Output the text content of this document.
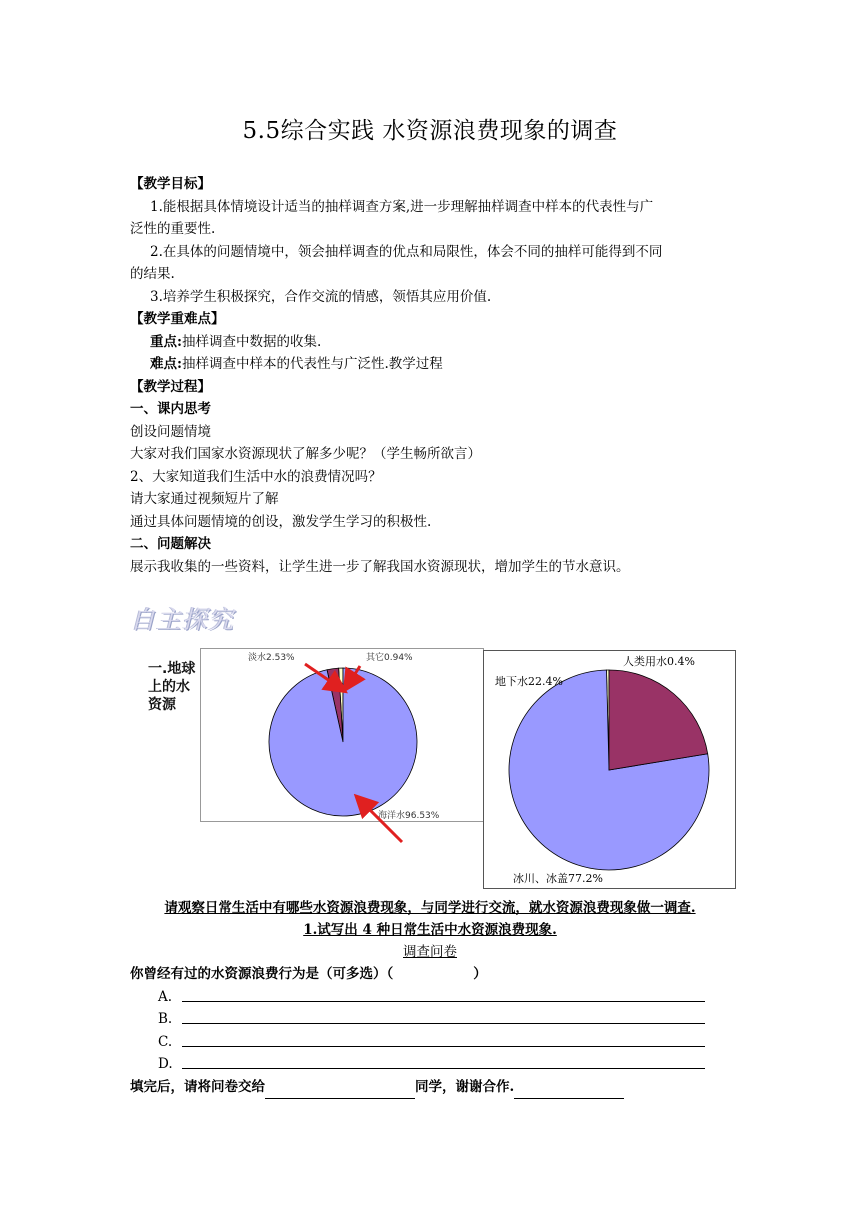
5.5综合实践 水资源浪费现象的调查
【教学目标】
1.能根据具体情境设计适当的抽样调查方案,进一步理解抽样调查中样本的代表性与广
泛性的重要性.
2.在具体的问题情境中，领会抽样调查的优点和局限性，体会不同的抽样可能得到不同
的结果.
3.培养学生积极探究，合作交流的情感，领悟其应用价值.
【教学重难点】
重点:抽样调查中数据的收集.
难点:抽样调查中样本的代表性与广泛性.教学过程
【教学过程】
一、课内思考
创设问题情境
大家对我们国家水资源现状了解多少呢？（学生畅所欲言）
2、大家知道我们生活中水的浪费情况吗？
请大家通过视频短片了解
通过具体问题情境的创设，激发学生学习的积极性.
二、问题解决
展示我收集的一些资料，让学生进一步了解我国水资源现状，增加学生的节水意识。
自主探究
一.地球
上的水
资源
淡水2.53%	其它0.94%
海洋水96.53%
人类用水0.4%
地下水22.4%
冰川、冰盖77.2%
请观察日常生活中有哪些水资源浪费现象，与同学进行交流，就水资源浪费现象做一调查.
1.试写出 4 种日常生活中水资源浪费现象.
调查问卷
你曾经有过的水资源浪费行为是（可多选）（	）
A.
B.
C.
D.
填完后，请将问卷交给	同学，谢谢合作.
